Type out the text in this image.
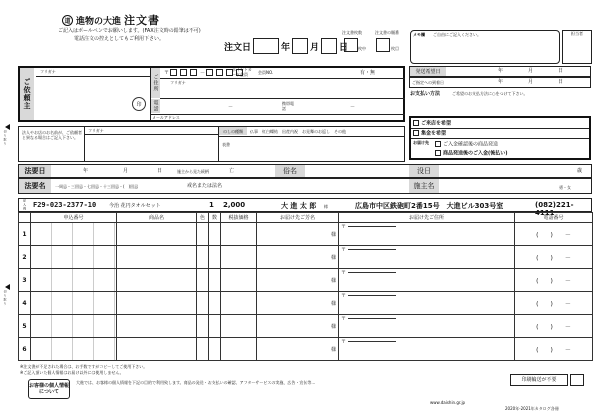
道 進物の大進 注文書
ご記入はボールペンでお願いします。(FAX注文時の鉛筆は不可)
電話注文の控えとしてもご利用下さい。
注文日	年 月 日
注文書枚数	注文書の順番
枚中	枚目
メモ欄 ご自由にご記入ください。	担当者
ご依頼主
フリガナ
印
ご住所
〒	－	ポイントカード会員	会員NO.	有・無
フリガナ
電話	－
携帯電話	－
メールアドレス
発送希望日	年	月	日
ご指定への到着日	年	月	日
お支払い方法	ご希望のお支払方法に○をつけて下さい。
ご来店を希望
集金を希望
お届け先	ご入金確認後の商品発送
商品発送後のご入金(後払い)
法人やお店のお名前が、ご依頼者と異なる場合はご記入下さい。
フリガナ	のしの種類	仏事　紅白蝶結　出産内祝　お見舞のお返し　その他
表書
法要日	年	月	日	施主から見た続柄	亡	俗名	没日	歳
法要名	一周忌・三回忌・七回忌・十三回忌・(　)回忌	戒名または法名	施主名	勇・女
記入例 F29-023-2377-10	今治 花円タオルセット	1 2,000	大 進 太 郎 様	広島市中区鉄砲町2番15号　大進ビル303号室	(082)221-4111
	申込番号	商品名	色	数	税抜価格	お届け先ご芳名	お届け先ご住所	電話番号
1						様	〒	(　　)　　－
2						様	〒	(　　)　　－
3						様	〒	(　　)　　－
4						様	〒	(　　)　　－
5						様	〒	(　　)　　－
6						様	〒	(　　)　　－
切り取り
切り取り
※注文書が不足された場合は、お手数ですがコピーしてご使用下さい。
※ご記入頂いた個人情報はお届け以外には使用しません。
お客様の個人情報について
大進では、お客様の個人情報を下記の目的で利用致します。商品の発送・お支払いの確認、アフターサービスの実施、広告・宣伝等…	印刷輪送が不要
2020年-2021年カタログ各冊
www.daishin.gr.jp
